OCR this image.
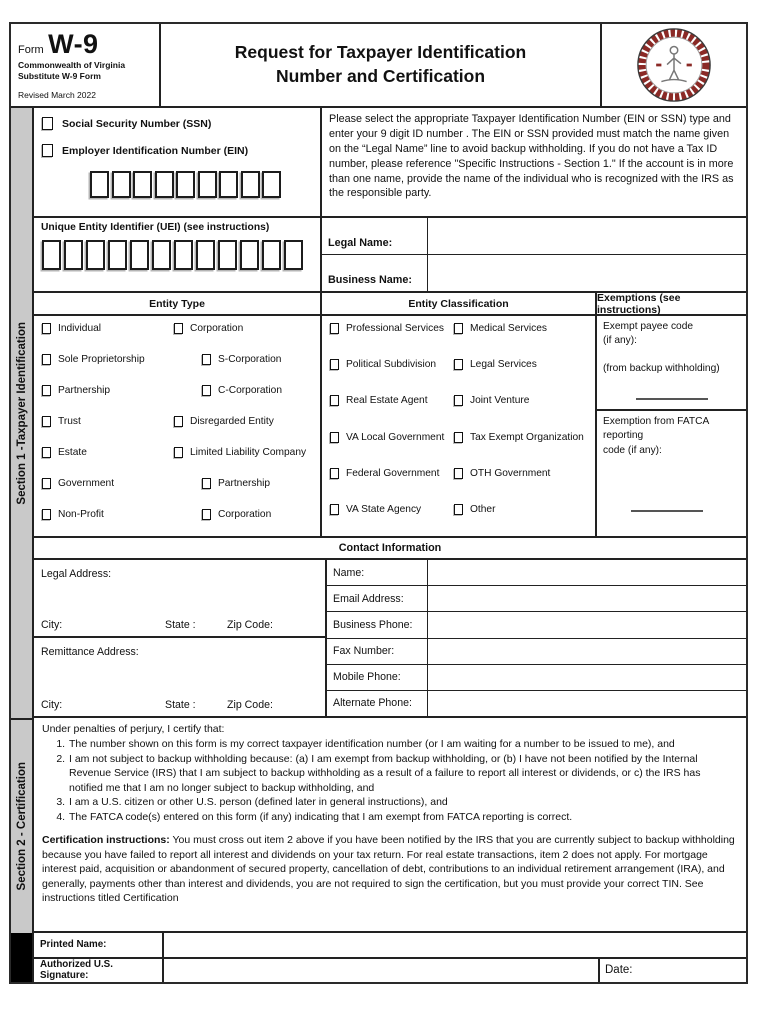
Form W-9
Commonwealth of Virginia
Substitute W-9 Form
Revised March 2022
Request for Taxpayer Identification
Number and Certification
Section 1 -Taxpayer Identification
Section 2 - Certification
Social Security Number (SSN)
Employer Identification Number (EIN)
Please select the appropriate Taxpayer Identification Number (EIN or SSN) type and enter your 9 digit ID number . The EIN or SSN provided must match the name given on the “Legal Name” line to avoid backup withholding. If you do not have a Tax ID number, please reference "Specific Instructions - Section 1." If the account is in more than one name, provide the name of the individual who is recognized with the IRS as the responsible party.
Unique Entity Identifier (UEI) (see instructions)
Legal Name:
Business Name:
Entity Type
Individual	Corporation
Sole Proprietorship	S-Corporation
Partnership	C-Corporation
Trust	Disregarded Entity
Estate	Limited Liability Company
Government	Partnership
Non-Profit	Corporation
Entity Classification
Professional Services	Medical Services
Political Subdivision	Legal Services
Real Estate Agent	Joint Venture
VA Local Government	Tax Exempt Organization
Federal Government	OTH Government
VA State Agency	Other
Exemptions (see instructions)
Exempt payee code
(if any):
(from backup withholding)
Exemption from FATCA reporting
code (if any):
Contact Information
Legal Address:
City:	State :	Zip Code:
Remittance Address:
City:	State :	Zip Code:
Name:
Email Address:
Business Phone:
Fax Number:
Mobile Phone:
Alternate Phone:
Under penalties of perjury, I certify that:
1. The number shown on this form is my correct taxpayer identification number (or I am waiting for a number to be issued to me), and
2. I am not subject to backup withholding because: (a) I am exempt from backup withholding, or (b) I have not been notified by the Internal Revenue Service (IRS) that I am subject to backup withholding as a result of a failure to report all interest or dividends, or c) the IRS has notified me that I am no longer subject to backup withholding, and
3. I am a U.S. citizen or other U.S. person (defined later in general instructions), and
4. The FATCA code(s) entered on this form (if any) indicating that I am exempt from FATCA reporting is correct.
Certification instructions: You must cross out item 2 above if you have been notified by the IRS that you are currently subject to backup withholding because you have failed to report all interest and dividends on your tax return. For real estate transactions, item 2 does not apply. For mortgage interest paid, acquisition or abandonment of secured property, cancellation of debt, contributions to an individual retirement arrangement (IRA), and generally, payments other than interest and dividends, you are not required to sign the certification, but you must provide your correct TIN. See instructions titled Certification
Printed Name:
Authorized U.S. Signature:	Date:
